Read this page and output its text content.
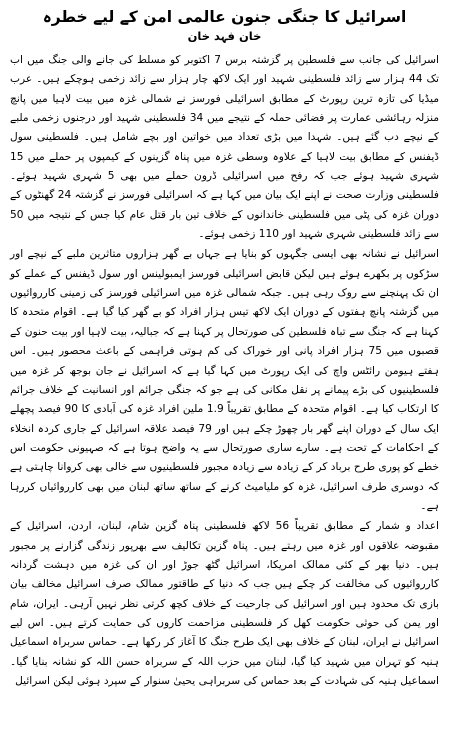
اسرائیل کا جنگی جنون عالمی امن کے لیے خطرہ
خان فہد خان

اسرائیل کی جانب سے فلسطین پر گزشتہ برس 7 اکتوبر کو مسلط کی جانے والی جنگ میں اب تک 44 ہزار سے زائد فلسطینی شہید اور ایک لاکھ چار ہزار سے زائد زخمی ہوچکے ہیں۔ عرب میڈیا کی تازہ ترین رپورٹ کے مطابق اسرائیلی فورسز نے شمالی غزہ میں بیت لاہیا میں پانچ منزلہ رہائشی عمارت پر فضائی حملہ کے نتیجے میں 34 فلسطینی شہید اور درجنوں زخمی ملبے کے نیچے دب گئے ہیں۔ شہدا میں بڑی تعداد میں خواتین اور بچے شامل ہیں۔ فلسطینی سول ڈیفنس کے مطابق بیت لاہیا کے علاوہ وسطی غزہ میں پناہ گزینوں کے کیمپوں پر حملے میں 15 شہری شہید ہوئے جب کہ رفح میں اسرائیلی ڈرون حملے میں بھی 5 شہری شہید ہوئے۔ فلسطینی وزارت صحت نے اپنے ایک بیان میں کہا ہے کہ اسرائیلی فورسز نے گزشتہ 24 گھنٹوں کے دوران غزہ کی پٹی میں فلسطینی خاندانوں کے خلاف تین بار قتل عام کیا جس کے نتیجہ میں 50 سے زائد فلسطینی شہری شہید اور 110 زخمی ہوئے۔

اسرائیل نے نشانہ بھی ایسی جگہوں کو بنایا ہے جہاں بے گھر ہزاروں متاثرین ملبے کے نیچے اور سڑکوں پر بکھرے ہوئے ہیں لیکن قابض اسرائیلی فورسز ایمبولینس اور سول ڈیفنس کے عملے کو ان تک پہنچنے سے روک رہی ہیں۔ جبکہ شمالی غزہ میں اسرائیلی فورسز کی زمینی کارروائیوں میں گزشتہ پانچ ہفتوں کے دوران ایک لاکھ تیس ہزار افراد کو بے گھر کیا گیا ہے۔ اقوام متحدہ کا کہنا ہے کہ جنگ سے تباہ فلسطین کی صورتحال پر کہنا ہے کہ جبالیہ، بیت لاہیا اور بیت حنون کے قصبوں میں 75 ہزار افراد پانی اور خوراک کی کم ہوتی فراہمی کے باعث محصور ہیں۔ اس ہفتے ہیومن رائٹس واچ کی ایک رپورٹ میں کہا گیا ہے کہ اسرائیل نے جان بوجھ کر غزہ میں فلسطینیوں کی بڑے پیمانے پر نقل مکانی کی ہے جو کہ جنگی جرائم اور انسانیت کے خلاف جرائم کا ارتکاب کیا ہے۔ اقوام متحدہ کے مطابق تقریباً 1.9 ملین افراد غزہ کی آبادی کا 90 فیصد پچھلے ایک سال کے دوران اپنے گھر بار چھوڑ چکے ہیں اور 79 فیصد علاقہ اسرائیل کے جاری کردہ انخلاء کے احکامات کے تحت ہے۔ سارے ساری صورتحال سے یہ واضح ہوتا ہے کہ صہیونی حکومت اس خطے کو پوری طرح برباد کر کے زیادہ سے زیادہ مجبور فلسطینیوں سے خالی بھی کروانا چاہتی ہے کہ دوسری طرف اسرائیل، غزہ کو ملیامیٹ کرنے کے ساتھ ساتھ لبنان میں بھی کارروائیاں کررہا ہے۔

اعداد و شمار کے مطابق تقریباً 56 لاکھ فلسطینی پناہ گزین شام، لبنان، اردن، اسرائیل کے مقبوضہ علاقوں اور غزہ میں رہتے ہیں۔ پناہ گزین تکالیف سے بھرپور زندگی گزارنے پر مجبور ہیں۔ دنیا بھر کے کئی ممالک امریکا، اسرائیل گٹھ جوڑ اور ان کی غزہ میں دہشت گردانہ کارروائیوں کی مخالفت کر چکے ہیں جب کہ دنیا کے طاقتور ممالک صرف اسرائیل مخالف بیان بازی تک محدود ہیں اور اسرائیل کی جارحیت کے خلاف کچھ کرتی نظر نہیں آرہی۔ ایران، شام اور یمن کی حوثی حکومت کھل کر فلسطینی مزاحمت کاروں کی حمایت کرتے ہیں۔ اس لیے اسرائیل نے ایران، لبنان کے خلاف بھی ایک طرح جنگ کا آغاز کر رکھا ہے۔ حماس سربراہ اسماعیل ہنیہ کو تہران میں شہید کیا گیا، لبنان میں حزب اللہ کے سربراہ حسن اللہ کو نشانہ بنایا گیا۔ اسماعیل ہنیہ کی شہادت کے بعد حماس کی سربراہی یحییٰ سنوار کے سپرد ہوئی لیکن اسرائیل
